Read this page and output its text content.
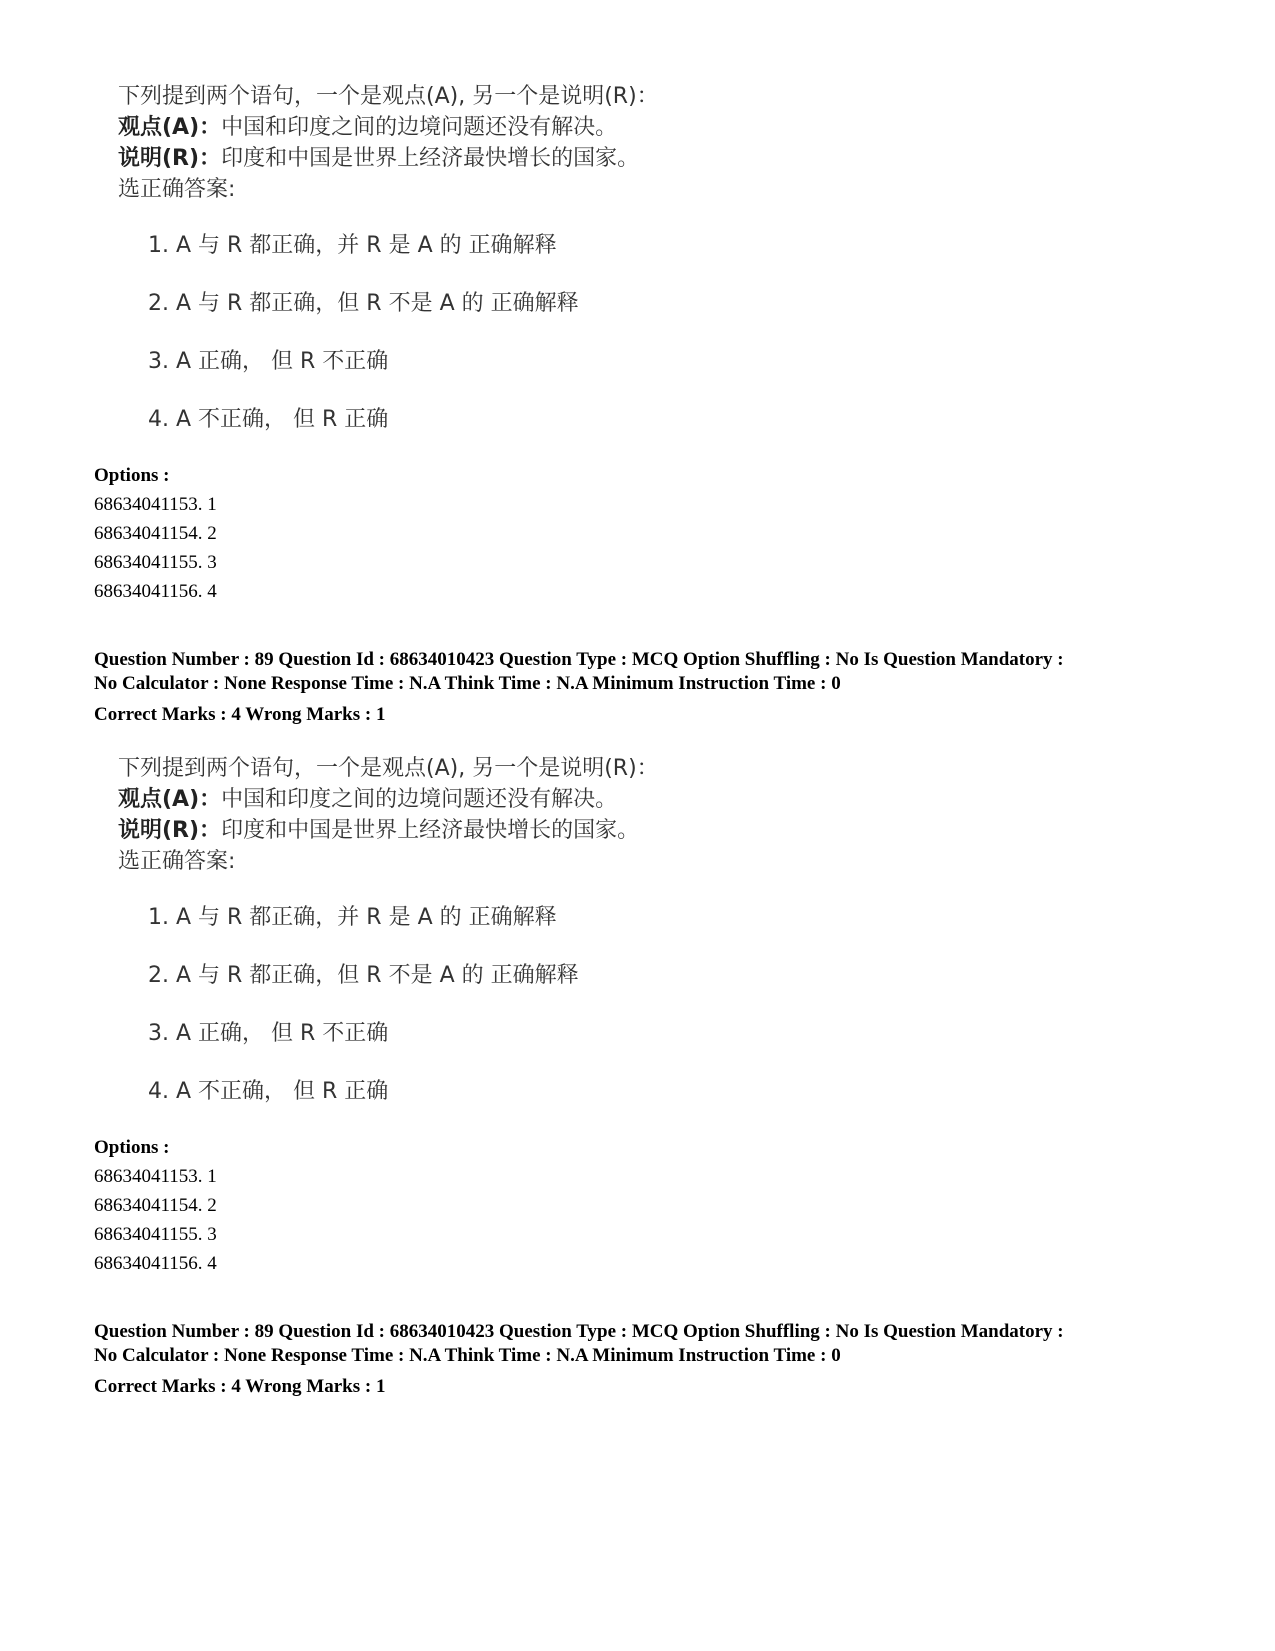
下列提到两个语句，一个是观点(A), 另一个是说明(R)：
观点(A)：中国和印度之间的边境问题还没有解决。
说明(R)：印度和中国是世界上经济最快增长的国家。
选正确答案:
1. A 与 R 都正确，并 R 是 A 的 正确解释
2. A 与 R 都正确，但 R 不是 A 的 正确解释
3. A 正确， 但 R 不正确
4. A 不正确， 但 R 正确
Options :
68634041153. 1
68634041154. 2
68634041155. 3
68634041156. 4
Question Number : 89 Question Id : 68634010423 Question Type : MCQ Option Shuffling : No Is Question Mandatory :
No Calculator : None Response Time : N.A Think Time : N.A Minimum Instruction Time : 0
Correct Marks : 4 Wrong Marks : 1
下列提到两个语句，一个是观点(A), 另一个是说明(R)：
观点(A)：中国和印度之间的边境问题还没有解决。
说明(R)：印度和中国是世界上经济最快增长的国家。
选正确答案:
1. A 与 R 都正确，并 R 是 A 的 正确解释
2. A 与 R 都正确，但 R 不是 A 的 正确解释
3. A 正确， 但 R 不正确
4. A 不正确， 但 R 正确
Options :
68634041153. 1
68634041154. 2
68634041155. 3
68634041156. 4
Question Number : 89 Question Id : 68634010423 Question Type : MCQ Option Shuffling : No Is Question Mandatory :
No Calculator : None Response Time : N.A Think Time : N.A Minimum Instruction Time : 0
Correct Marks : 4 Wrong Marks : 1
